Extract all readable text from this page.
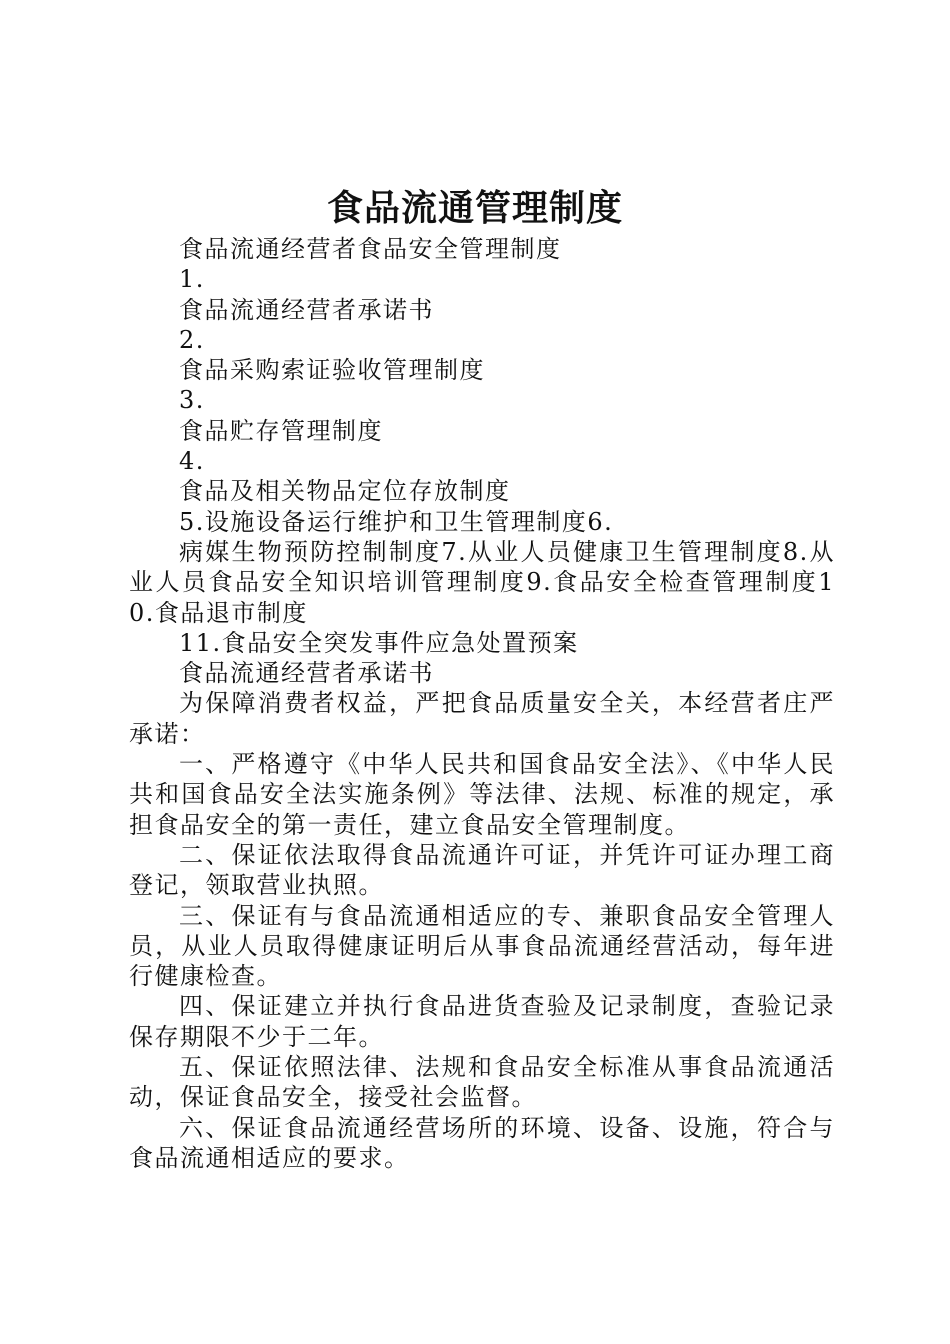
食品流通管理制度

食品流通经营者食品安全管理制度

1.

食品流通经营者承诺书

2.

食品采购索证验收管理制度

3.

食品贮存管理制度

4.

食品及相关物品定位存放制度

5.设施设备运行维护和卫生管理制度6.

病媒生物预防控制制度7.从业人员健康卫生管理制度8.从业人员食品安全知识培训管理制度9.食品安全检查管理制度10.食品退市制度

11.食品安全突发事件应急处置预案

食品流通经营者承诺书

为保障消费者权益，严把食品质量安全关，本经营者庄严承诺：

一、严格遵守《中华人民共和国食品安全法》、《中华人民共和国食品安全法实施条例》等法律、法规、标准的规定，承担食品安全的第一责任，建立食品安全管理制度。

二、保证依法取得食品流通许可证，并凭许可证办理工商登记，领取营业执照。

三、保证有与食品流通相适应的专、兼职食品安全管理人员，从业人员取得健康证明后从事食品流通经营活动，每年进行健康检查。

四、保证建立并执行食品进货查验及记录制度，查验记录保存期限不少于二年。

五、保证依照法律、法规和食品安全标准从事食品流通活动，保证食品安全，接受社会监督。

六、保证食品流通经营场所的环境、设备、设施，符合与食品流通相适应的要求。
